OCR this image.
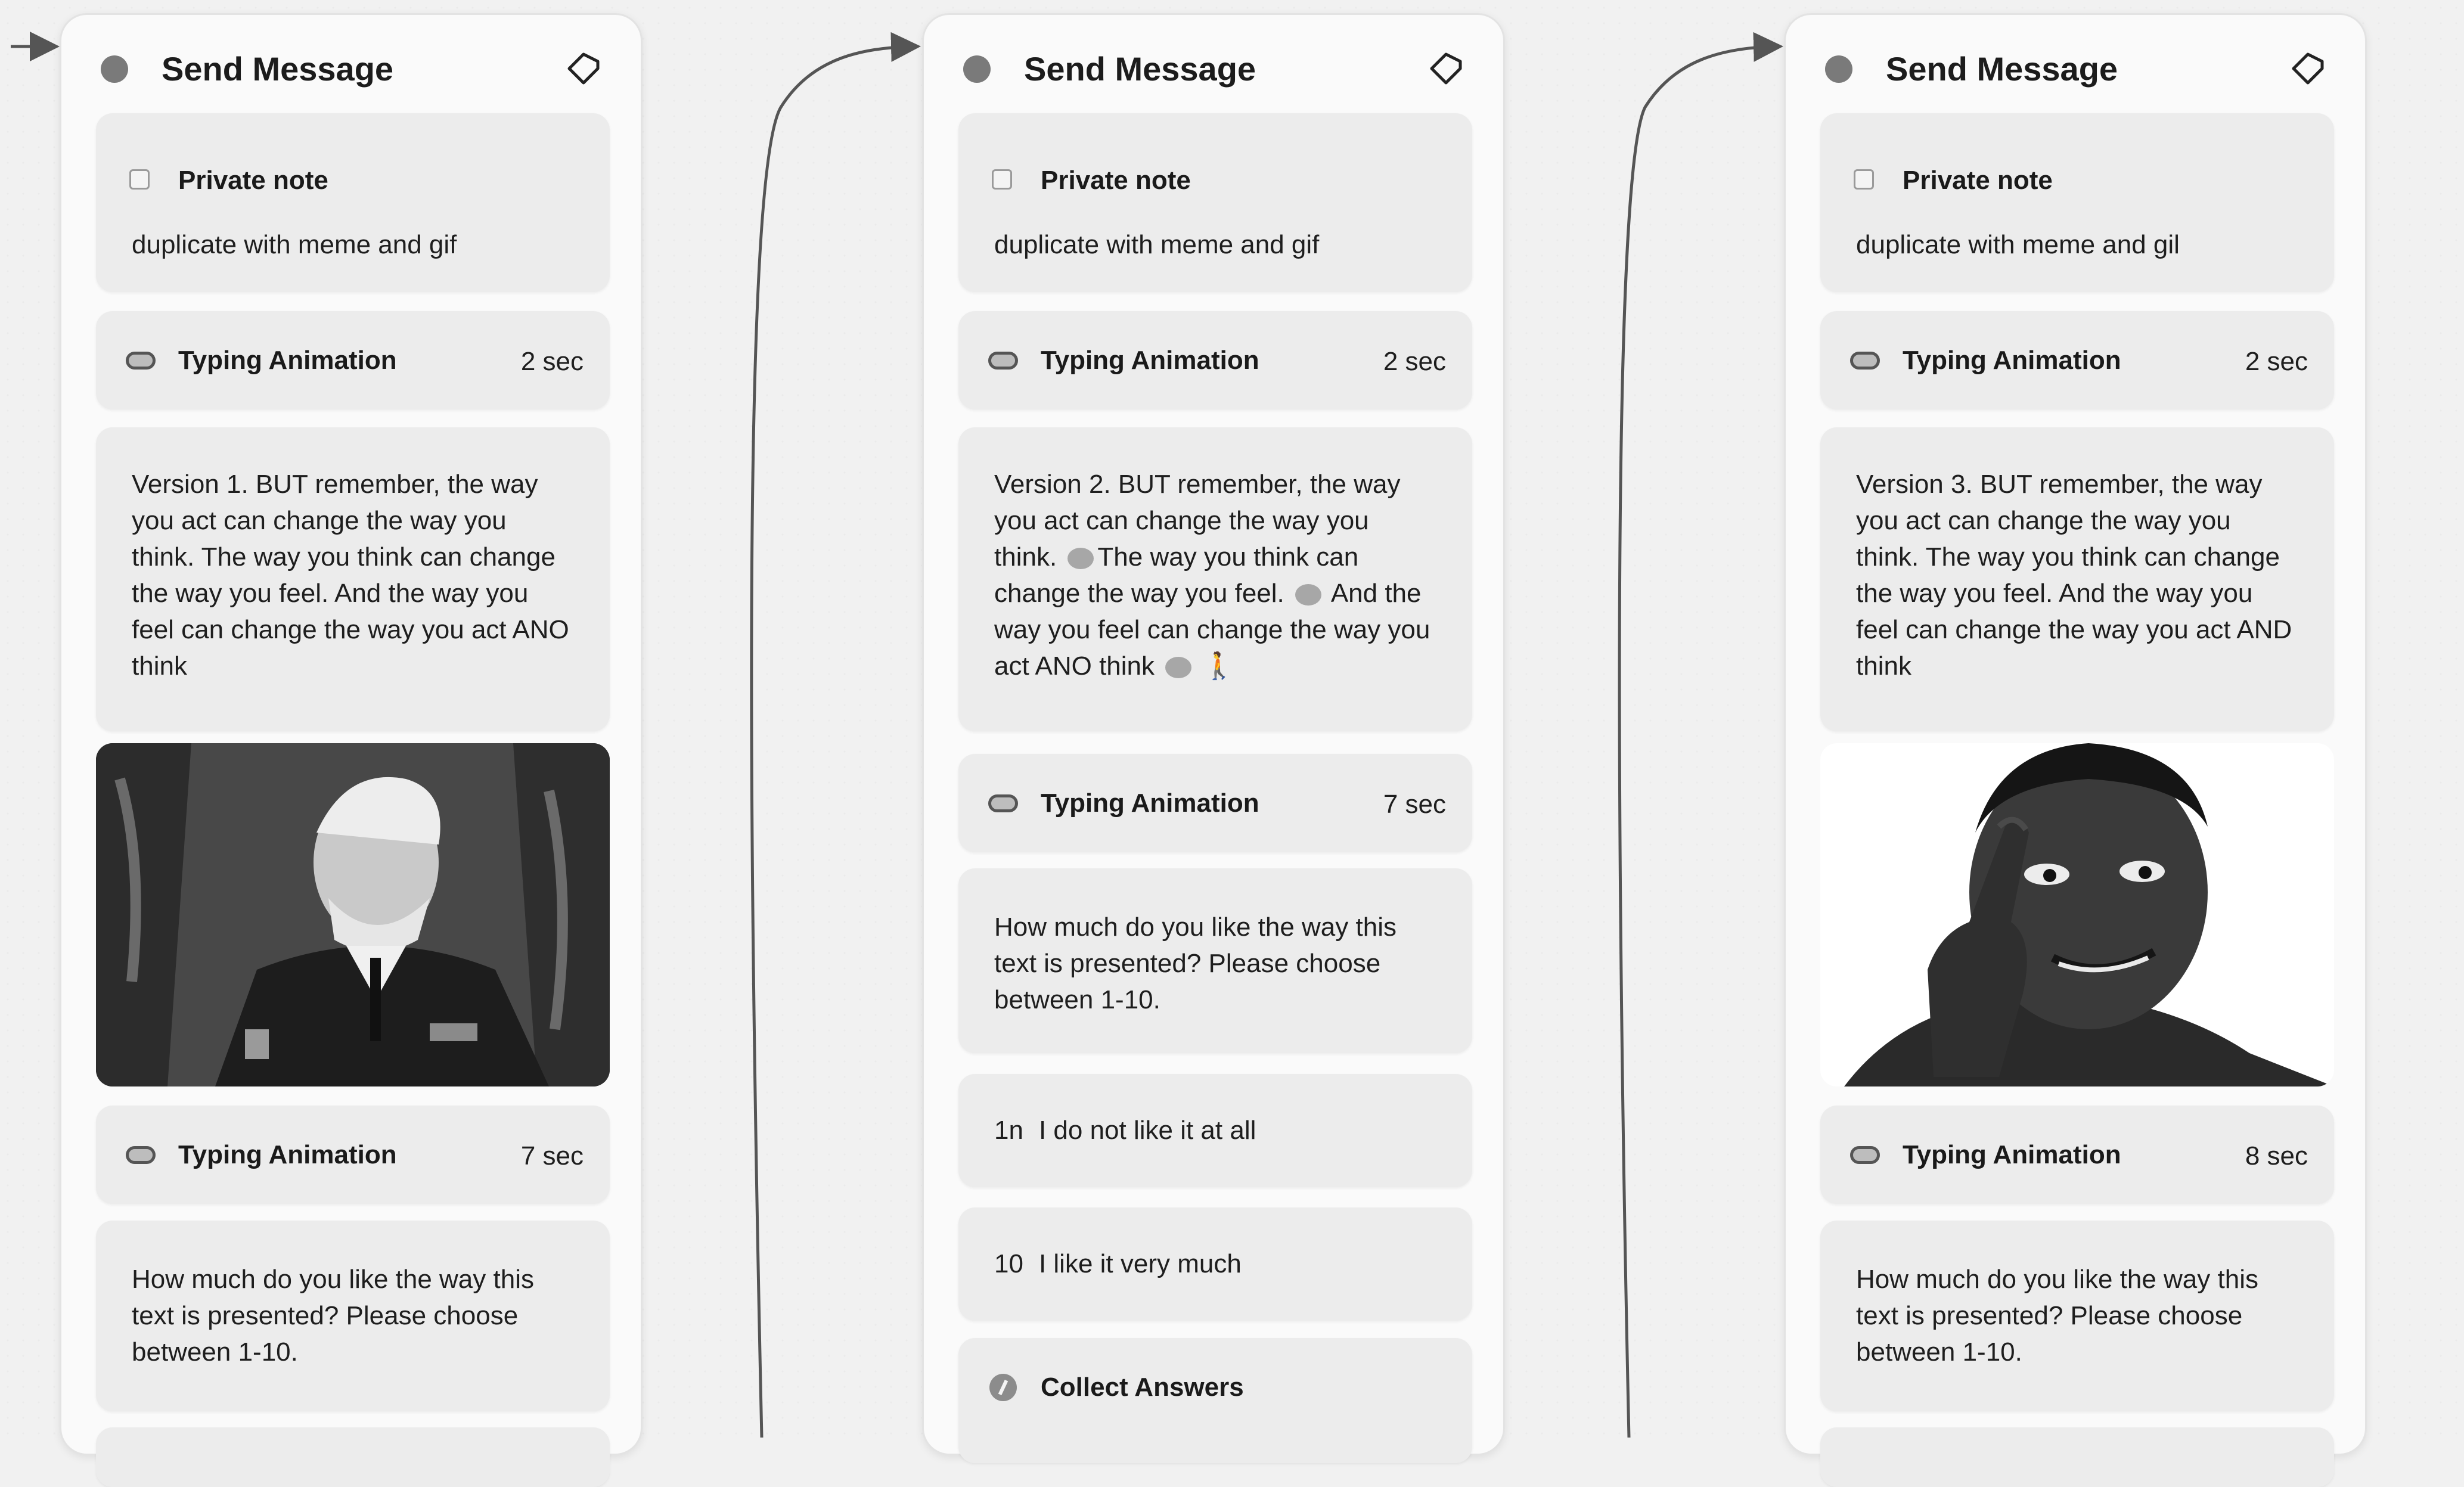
Send Message
Private note
duplicate with meme and gif
Typing Animation	2 sec
Version 1. BUT remember, the way you act can change the way you think. The way you think can change the way you feel. And the way you feel can change the way you act ANO think
Typing Animation	7 sec
How much do you like the way this text is presented? Please choose between 1-10.
Send Message
Private note
duplicate with meme and gif
Typing Animation	2 sec
Version 2. BUT remember, the way you act can change the way you think. The way you think can change the way you feel. And the way you feel can change the way you act ANO think 🚶
Typing Animation	7 sec
How much do you like the way this text is presented? Please choose between 1-10.
1n I do not like it at all
10 I like it very much
Collect Answers
Send Message
Private note
duplicate with meme and gil
Typing Animation	2 sec
Version 3. BUT remember, the way you act can change the way you think. The way you think can change the way you feel. And the way you feel can change the way you act AND think
Typing Animation	8 sec
How much do you like the way this text is presented? Please choose between 1-10.
